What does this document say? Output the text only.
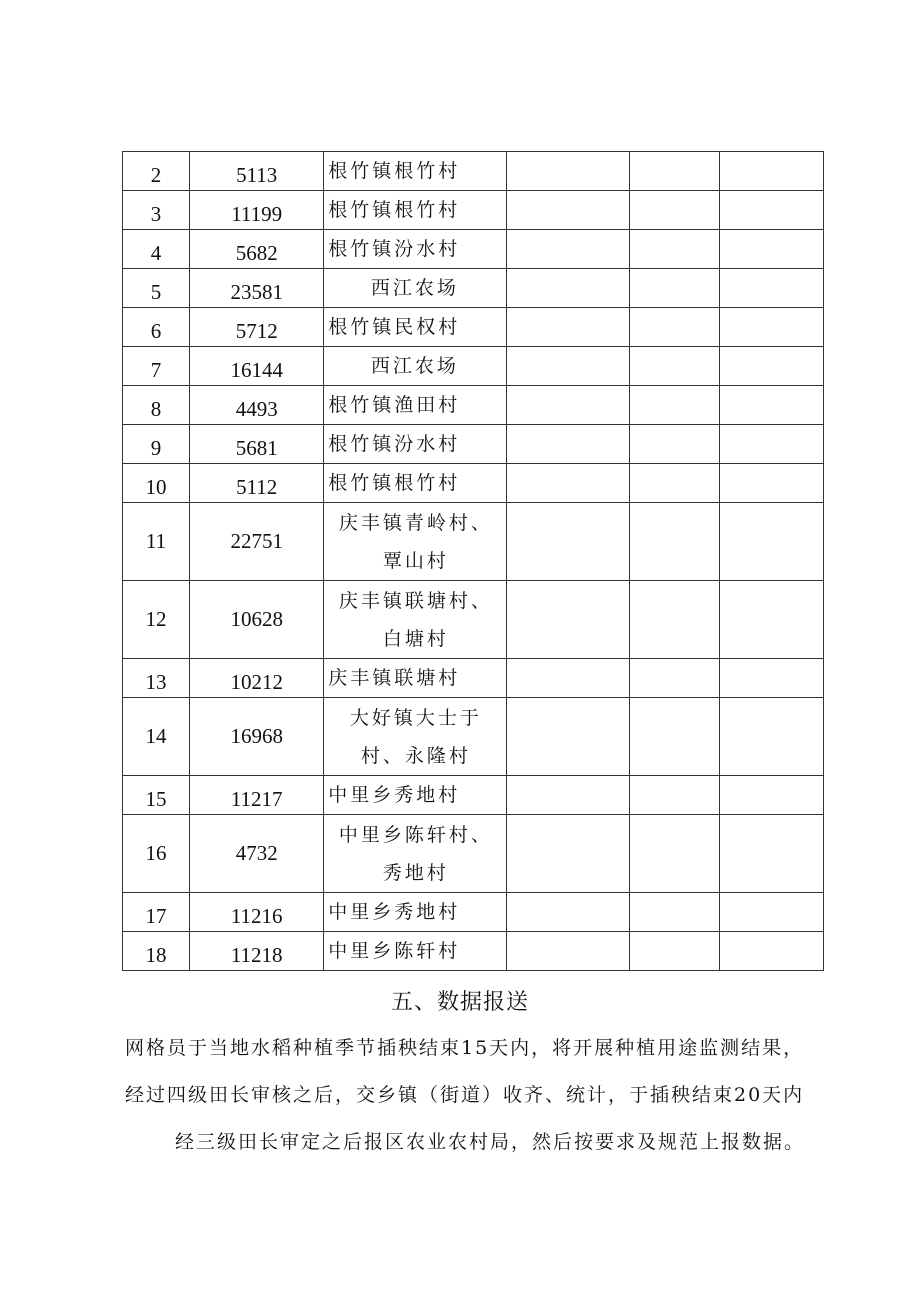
2	5113	根竹镇根竹村			

3	11199	根竹镇根竹村			

4	5682	根竹镇汾水村			

5	23581	西江农场			

6	5712	根竹镇民权村			

7	16144	西江农场			

8	4493	根竹镇渔田村			

9	5681	根竹镇汾水村			

10	5112	根竹镇根竹村			

11	22751	庆丰镇青岭村、覃山村			

12	10628	庆丰镇联塘村、白塘村			

13	10212	庆丰镇联塘村			

14	16968	大好镇大士于村、永隆村			

15	11217	中里乡秀地村			

16	4732	中里乡陈轩村、秀地村			

17	11216	中里乡秀地村			

18	11218	中里乡陈轩村			

五、数据报送
网格员于当地水稻种植季节插秧结束15天内，将开展种植用途监测结果，
经过四级田长审核之后，交乡镇（街道）收齐、统计，于插秧结束20天内
经三级田长审定之后报区农业农村局，然后按要求及规范上报数据。
